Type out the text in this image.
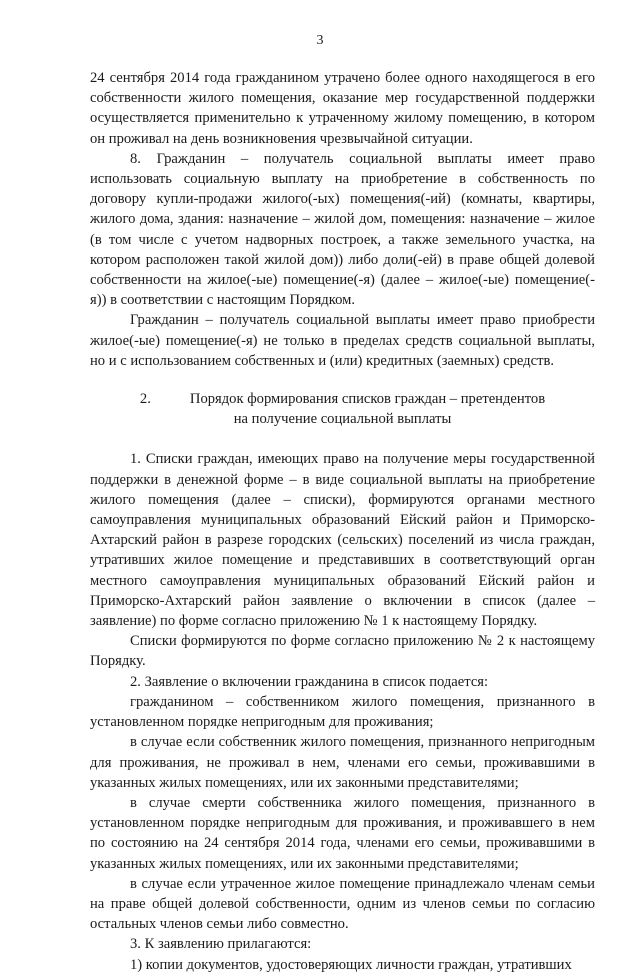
3

24 сентября 2014 года гражданином утрачено более одного находящегося в его собственности жилого помещения, оказание мер государственной поддержки осуществляется применительно к утраченному жилому помещению, в котором он проживал на день возникновения чрезвычайной ситуации.

8. Гражданин – получатель социальной выплаты имеет право использовать социальную выплату на приобретение в собственность по договору купли-продажи жилого(-ых) помещения(-ий) (комнаты, квартиры, жилого дома, здания: назначение – жилой дом, помещения: назначение – жилое (в том числе с учетом надворных построек, а также земельного участка, на котором расположен такой жилой дом)) либо доли(-ей) в праве общей долевой собственности на жилое(-ые) помещение(-я) (далее – жилое(-ые) помещение(-я)) в соответствии с настоящим Порядком.

Гражданин – получатель социальной выплаты имеет право приобрести жилое(-ые) помещение(-я) не только в пределах средств социальной выплаты, но и с использованием собственных и (или) кредитных (заемных) средств.

2.	Порядок формирования списков граждан – претендентов
на получение социальной выплаты

1. Списки граждан, имеющих право на получение меры государственной поддержки в денежной форме – в виде социальной выплаты на приобретение жилого помещения (далее – списки), формируются органами местного самоуправления муниципальных образований Ейский район и Приморско-Ахтарский район в разрезе городских (сельских) поселений из числа граждан, утративших жилое помещение и представивших в соответствующий орган местного самоуправления муниципальных образований Ейский район и Приморско-Ахтарский район заявление о включении в список (далее – заявление) по форме согласно приложению № 1 к настоящему Порядку.

Списки формируются по форме согласно приложению № 2 к настоящему Порядку.

2. Заявление о включении гражданина в список подается:

гражданином – собственником жилого помещения, признанного в установленном порядке непригодным для проживания;

в случае если собственник жилого помещения, признанного непригодным для проживания, не проживал в нем, членами его семьи, проживавшими в указанных жилых помещениях, или их законными представителями;

в случае смерти собственника жилого помещения, признанного в установленном порядке непригодным для проживания, и проживавшего в нем по состоянию на 24 сентября 2014 года, членами его семьи, проживавшими в указанных жилых помещениях, или их законными представителями;

в случае если утраченное жилое помещение принадлежало членам семьи на праве общей долевой собственности, одним из членов семьи по согласию остальных членов семьи либо совместно.

3. К заявлению прилагаются:

1) копии документов, удостоверяющих личности граждан, утративших
